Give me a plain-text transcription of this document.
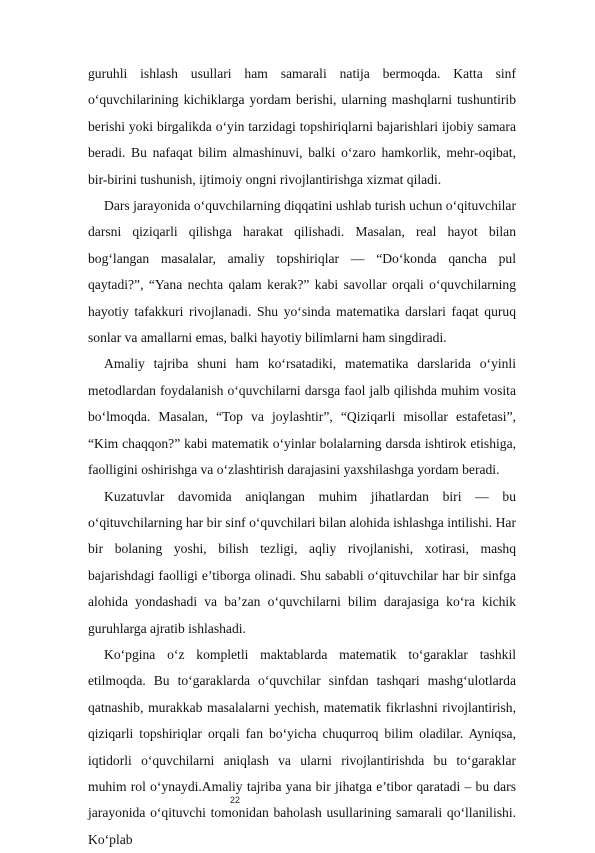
guruhli ishlash usullari ham samarali natija bermoqda. Katta sinf o‘quvchilarining kichiklarga yordam berishi, ularning mashqlarni tushuntirib berishi yoki birgalikda o‘yin tarzidagi topshiriqlarni bajarishlari ijobiy samara beradi. Bu nafaqat bilim almashinuvi, balki o‘zaro hamkorlik, mehr-oqibat, bir-birini tushunish, ijtimoiy ongni rivojlantirishga xizmat qiladi.

Dars jarayonida o‘quvchilarning diqqatini ushlab turish uchun o‘qituvchilar darsni qiziqarli qilishga harakat qilishadi. Masalan, real hayot bilan bog‘langan masalalar, amaliy topshiriqlar — “Do‘konda qancha pul qaytadi?”, “Yana nechta qalam kerak?” kabi savollar orqali o‘quvchilarning hayotiy tafakkuri rivojlanadi. Shu yo‘sinda matematika darslari faqat quruq sonlar va amallarni emas, balki hayotiy bilimlarni ham singdiradi.

Amaliy tajriba shuni ham ko‘rsatadiki, matematika darslarida o‘yinli metodlardan foydalanish o‘quvchilarni darsga faol jalb qilishda muhim vosita bo‘lmoqda. Masalan, “Top va joylashtir”, “Qiziqarli misollar estafetasi”, “Kim chaqqon?” kabi matematik o‘yinlar bolalarning darsda ishtirok etishiga, faolligini oshirishga va o‘zlashtirish darajasini yaxshilashga yordam beradi.

Kuzatuvlar davomida aniqlangan muhim jihatlardan biri — bu o‘qituvchilarning har bir sinf o‘quvchilari bilan alohida ishlashga intilishi. Har bir bolaning yoshi, bilish tezligi, aqliy rivojlanishi, xotirasi, mashq bajarishdagi faolligi e’tiborga olinadi. Shu sababli o‘qituvchilar har bir sinfga alohida yondashadi va ba’zan o‘quvchilarni bilim darajasiga ko‘ra kichik guruhlarga ajratib ishlashadi.

Ko‘pgina o‘z kompletli maktablarda matematik to‘garaklar tashkil etilmoqda. Bu to‘garaklarda o‘quvchilar sinfdan tashqari mashg‘ulotlarda qatnashib, murakkab masalalarni yechish, matematik fikrlashni rivojlantirish, qiziqarli topshiriqlar orqali fan bo‘yicha chuqurroq bilim oladilar. Ayniqsa, iqtidorli o‘quvchilarni aniqlash va ularni rivojlantirishda bu to‘garaklar muhim rol o‘ynaydi.Amaliy tajriba yana bir jihatga e’tibor qaratadi – bu dars jarayonida o‘qituvchi tomonidan baholash usullarining samarali qo‘llanilishi. Ko‘plab

22
